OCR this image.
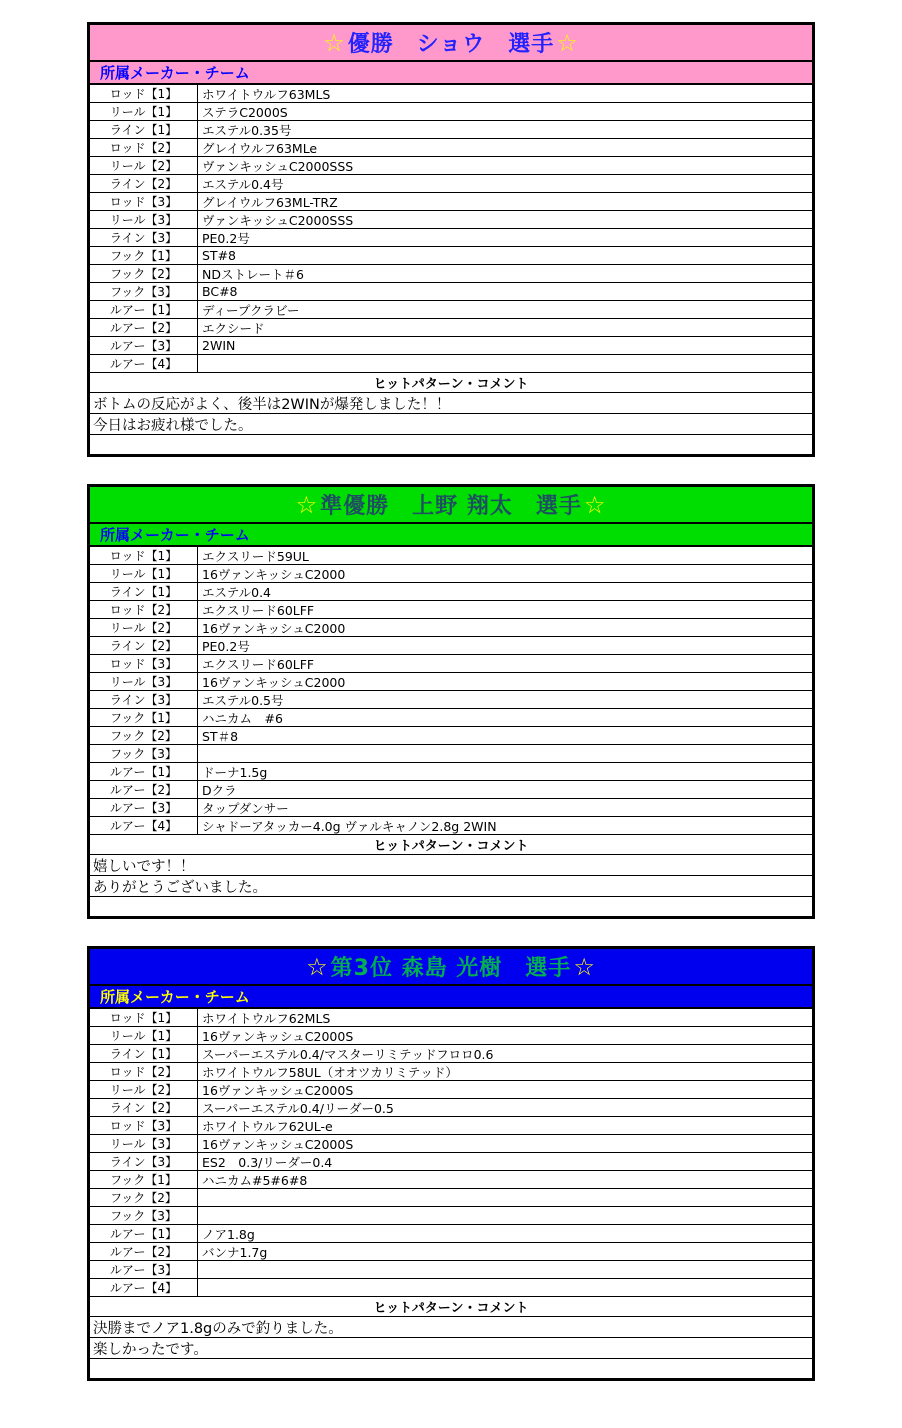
☆ 優勝　ショウ　選手 ☆
所属メーカー・チーム
ロッド【1】	ホワイトウルフ63MLS
リール【1】	ステラC2000S
ライン【1】	エステル0.35号
ロッド【2】	グレイウルフ63MLe
リール【2】	ヴァンキッシュC2000SSS
ライン【2】	エステル0.4号
ロッド【3】	グレイウルフ63ML-TRZ
リール【3】	ヴァンキッシュC2000SSS
ライン【3】	PE0.2号
フック【1】	ST#8
フック【2】	NDストレート＃6
フック【3】	BC#8
ルアー【1】	ディープクラビー
ルアー【2】	エクシード
ルアー【3】	2WIN
ルアー【4】
ヒットパターン・コメント
ボトムの反応がよく、後半は2WINが爆発しました！！
今日はお疲れ様でした。
☆ 準優勝　上野 翔太　選手 ☆
所属メーカー・チーム
ロッド【1】	エクスリード59UL
リール【1】	16ヴァンキッシュC2000
ライン【1】	エステル0.4
ロッド【2】	エクスリード60LFF
リール【2】	16ヴァンキッシュC2000
ライン【2】	PE0.2号
ロッド【3】	エクスリード60LFF
リール【3】	16ヴァンキッシュC2000
ライン【3】	エステル0.5号
フック【1】	ハニカム　#6
フック【2】	ST＃8
フック【3】
ルアー【1】	ドーナ1.5g
ルアー【2】	Dクラ
ルアー【3】	タップダンサー
ルアー【4】	シャドーアタッカー4.0g ヴァルキャノン2.8g 2WIN
ヒットパターン・コメント
嬉しいです！！
ありがとうございました。
☆ 第3位 森島 光樹　選手 ☆
所属メーカー・チーム
ロッド【1】	ホワイトウルフ62MLS
リール【1】	16ヴァンキッシュC2000S
ライン【1】	スーパーエステル0.4/マスターリミテッドフロロ0.6
ロッド【2】	ホワイトウルフ58UL（オオツカリミテッド）
リール【2】	16ヴァンキッシュC2000S
ライン【2】	スーパーエステル0.4/リーダー0.5
ロッド【3】	ホワイトウルフ62UL-e
リール【3】	16ヴァンキッシュC2000S
ライン【3】	ES2　0.3/リーダー0.4
フック【1】	ハニカム#5#6#8
フック【2】
フック【3】
ルアー【1】	ノア1.8g
ルアー【2】	バンナ1.7g
ルアー【3】
ルアー【4】
ヒットパターン・コメント
決勝までノア1.8gのみで釣りました。
楽しかったです。
